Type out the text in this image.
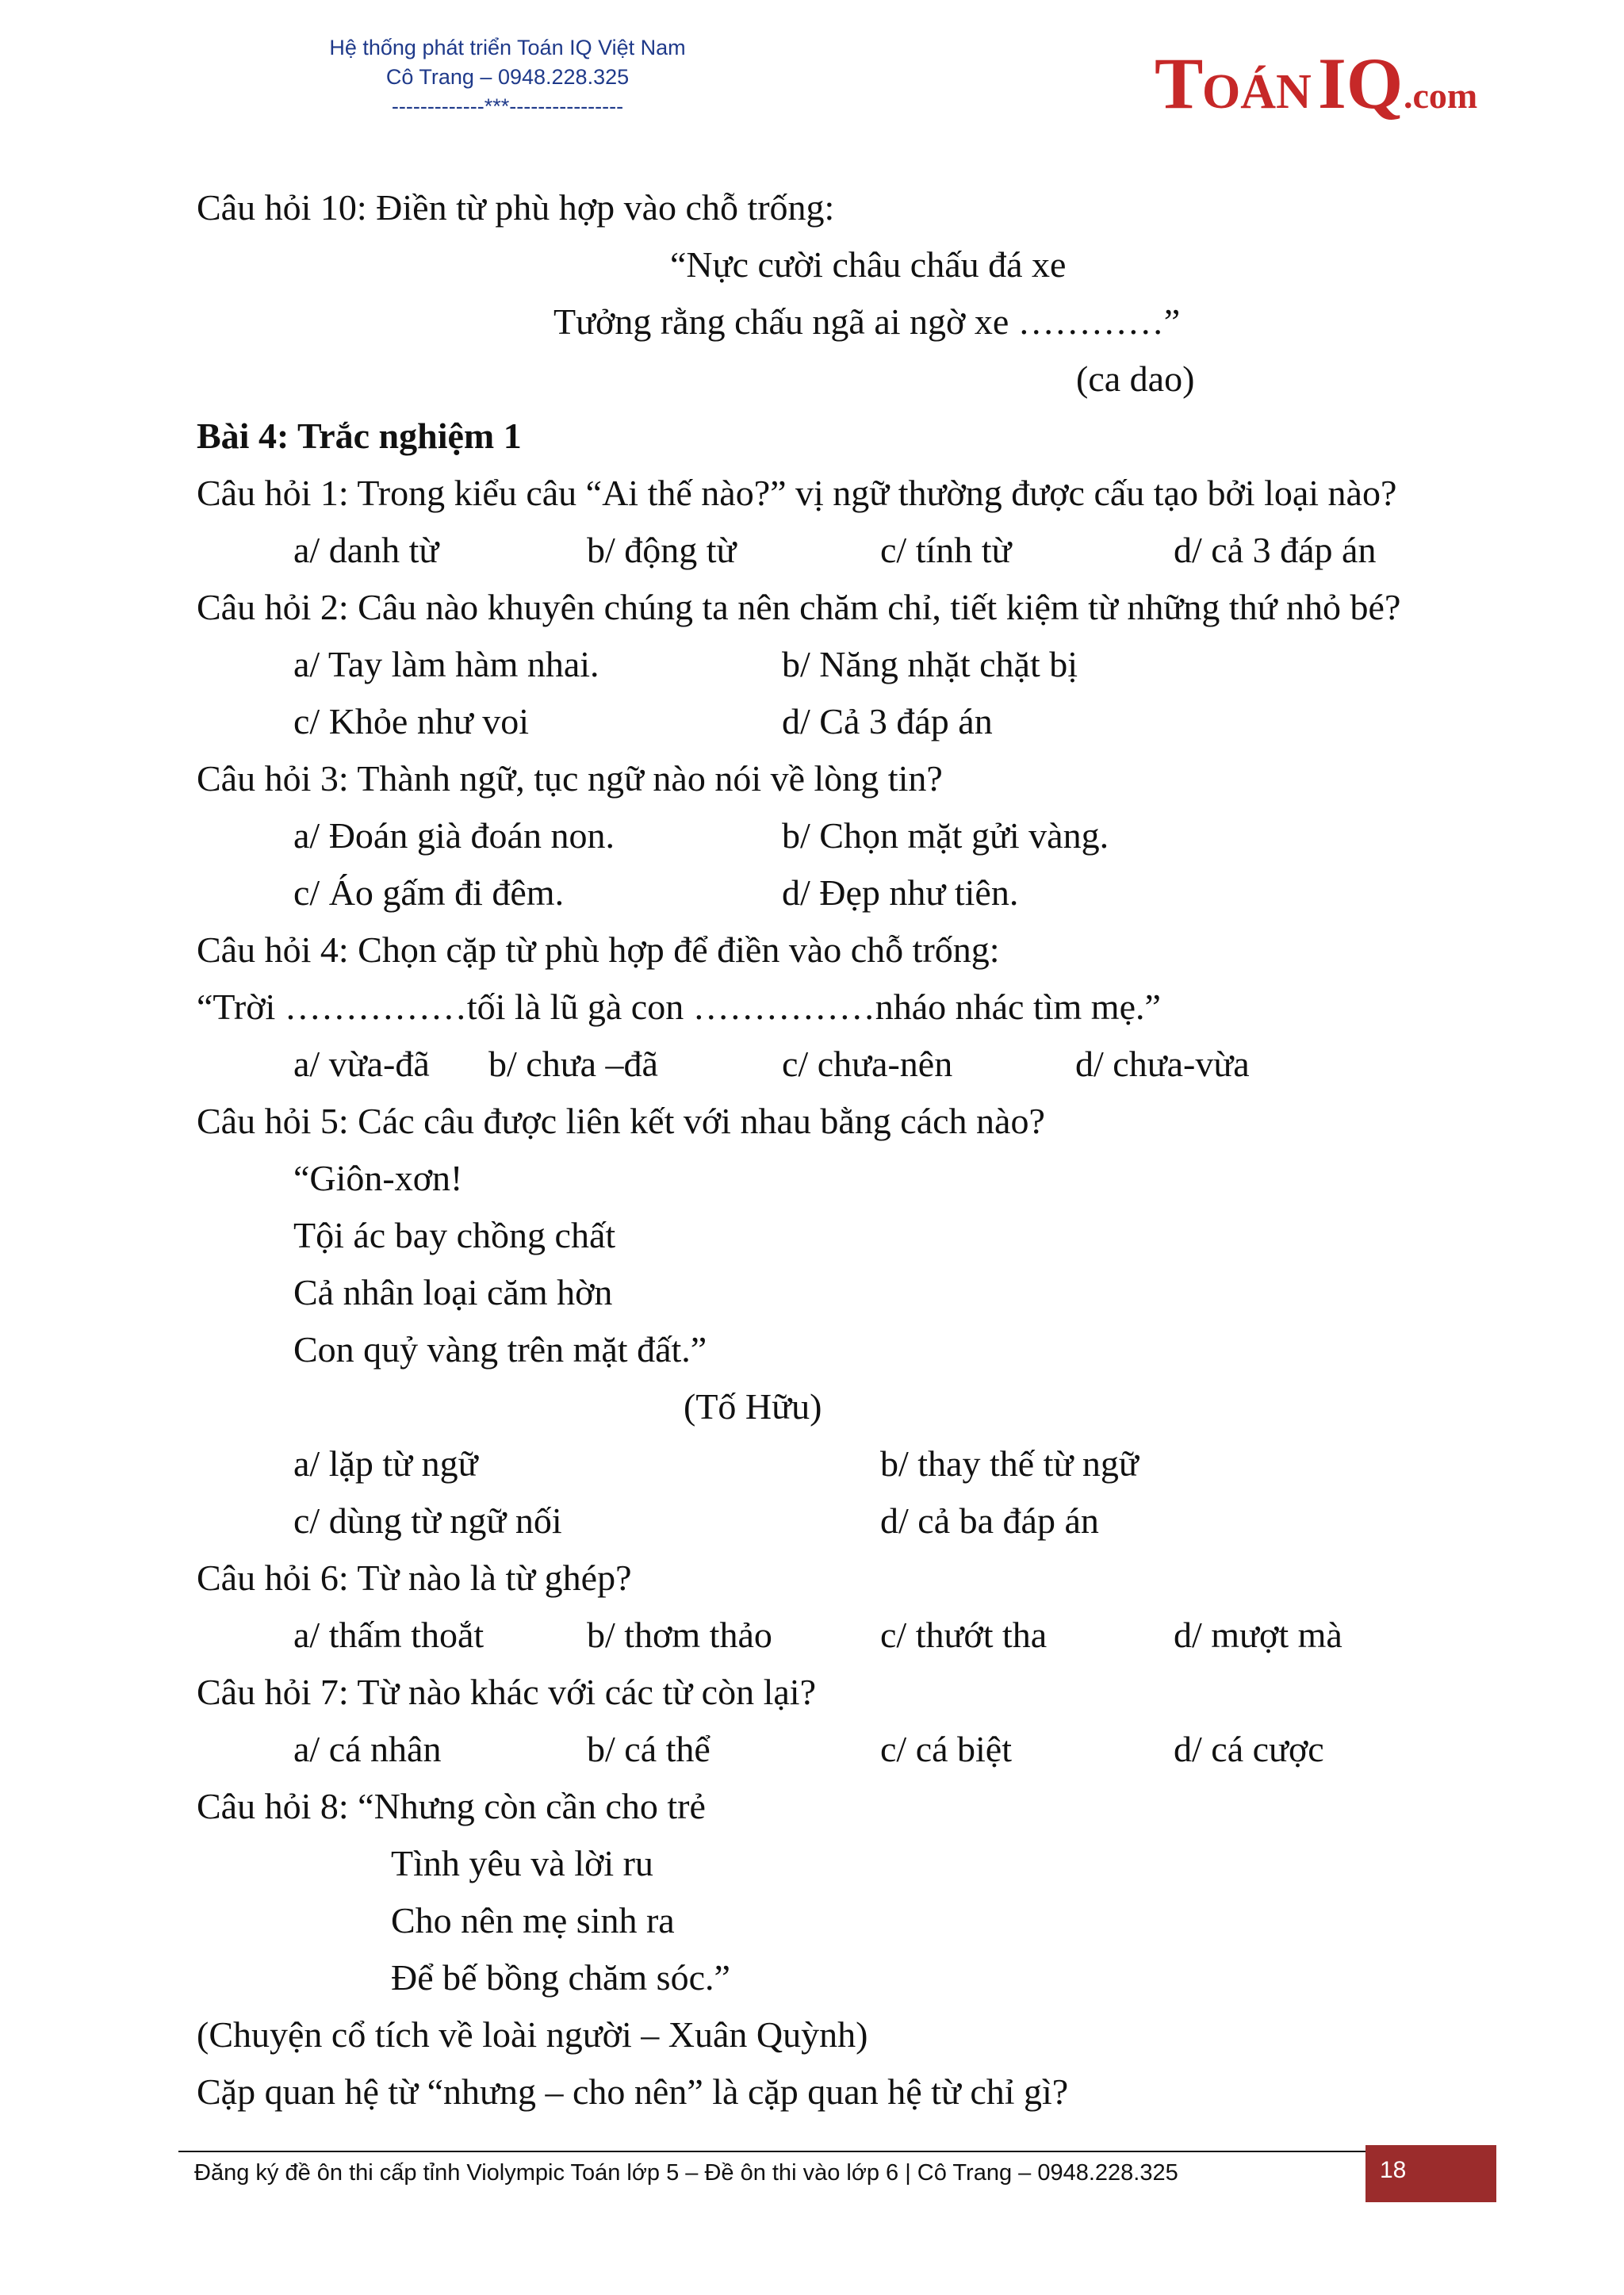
Hệ thống phát triển Toán IQ Việt Nam
Cô Trang – 0948.228.325
-------------***----------------	T
OÁN IQ .com
Câu hỏi 10: Điền từ phù hợp vào chỗ trống:
“Nực cười châu chấu đá xe
Tưởng rằng chấu ngã ai ngờ xe …………”
(ca dao)
Bài 4: Trắc nghiệm 1
Câu hỏi 1: Trong kiểu câu “Ai thế nào?” vị ngữ thường được cấu tạo bởi loại nào?
a/ danh từ	b/ động từ	c/ tính từ	d/ cả 3 đáp án
Câu hỏi 2: Câu nào khuyên chúng ta nên chăm chỉ, tiết kiệm từ những thứ nhỏ bé?
a/ Tay làm hàm nhai.	b/ Năng nhặt chặt bị
c/ Khỏe như voi	d/ Cả 3 đáp án
Câu hỏi 3: Thành ngữ, tục ngữ nào nói về lòng tin?
a/ Đoán già đoán non.	b/ Chọn mặt gửi vàng.
c/ Áo gấm đi đêm.	d/ Đẹp như tiên.
Câu hỏi 4: Chọn cặp từ phù hợp để điền vào chỗ trống:
“Trời ……………tối là lũ gà con ……………nháo nhác tìm mẹ.”
a/ vừa-đã b/ chưa –đã	c/ chưa-nên	d/ chưa-vừa
Câu hỏi 5: Các câu được liên kết với nhau bằng cách nào?
“Giôn-xơn!
Tội ác bay chồng chất
Cả nhân loại căm hờn
Con quỷ vàng trên mặt đất.”
(Tố Hữu)
a/ lặp từ ngữ	b/ thay thế từ ngữ
c/ dùng từ ngữ nối	d/ cả ba đáp án
Câu hỏi 6: Từ nào là từ ghép?
a/ thấm thoắt	b/ thơm thảo	c/ thướt tha	d/ mượt mà
Câu hỏi 7: Từ nào khác với các từ còn lại?
a/ cá nhân	b/ cá thể	c/ cá biệt	d/ cá cược
Câu hỏi 8: “Nhưng còn cần cho trẻ
Tình yêu và lời ru
Cho nên mẹ sinh ra
Để bế bồng chăm sóc.”
(Chuyện cổ tích về loài người – Xuân Quỳnh)
Cặp quan hệ từ “nhưng – cho nên” là cặp quan hệ từ chỉ gì?
Đăng ký đề ôn thi cấp tỉnh Violympic Toán lớp 5 – Đề ôn thi vào lớp 6 | Cô Trang – 0948.228.325	18
